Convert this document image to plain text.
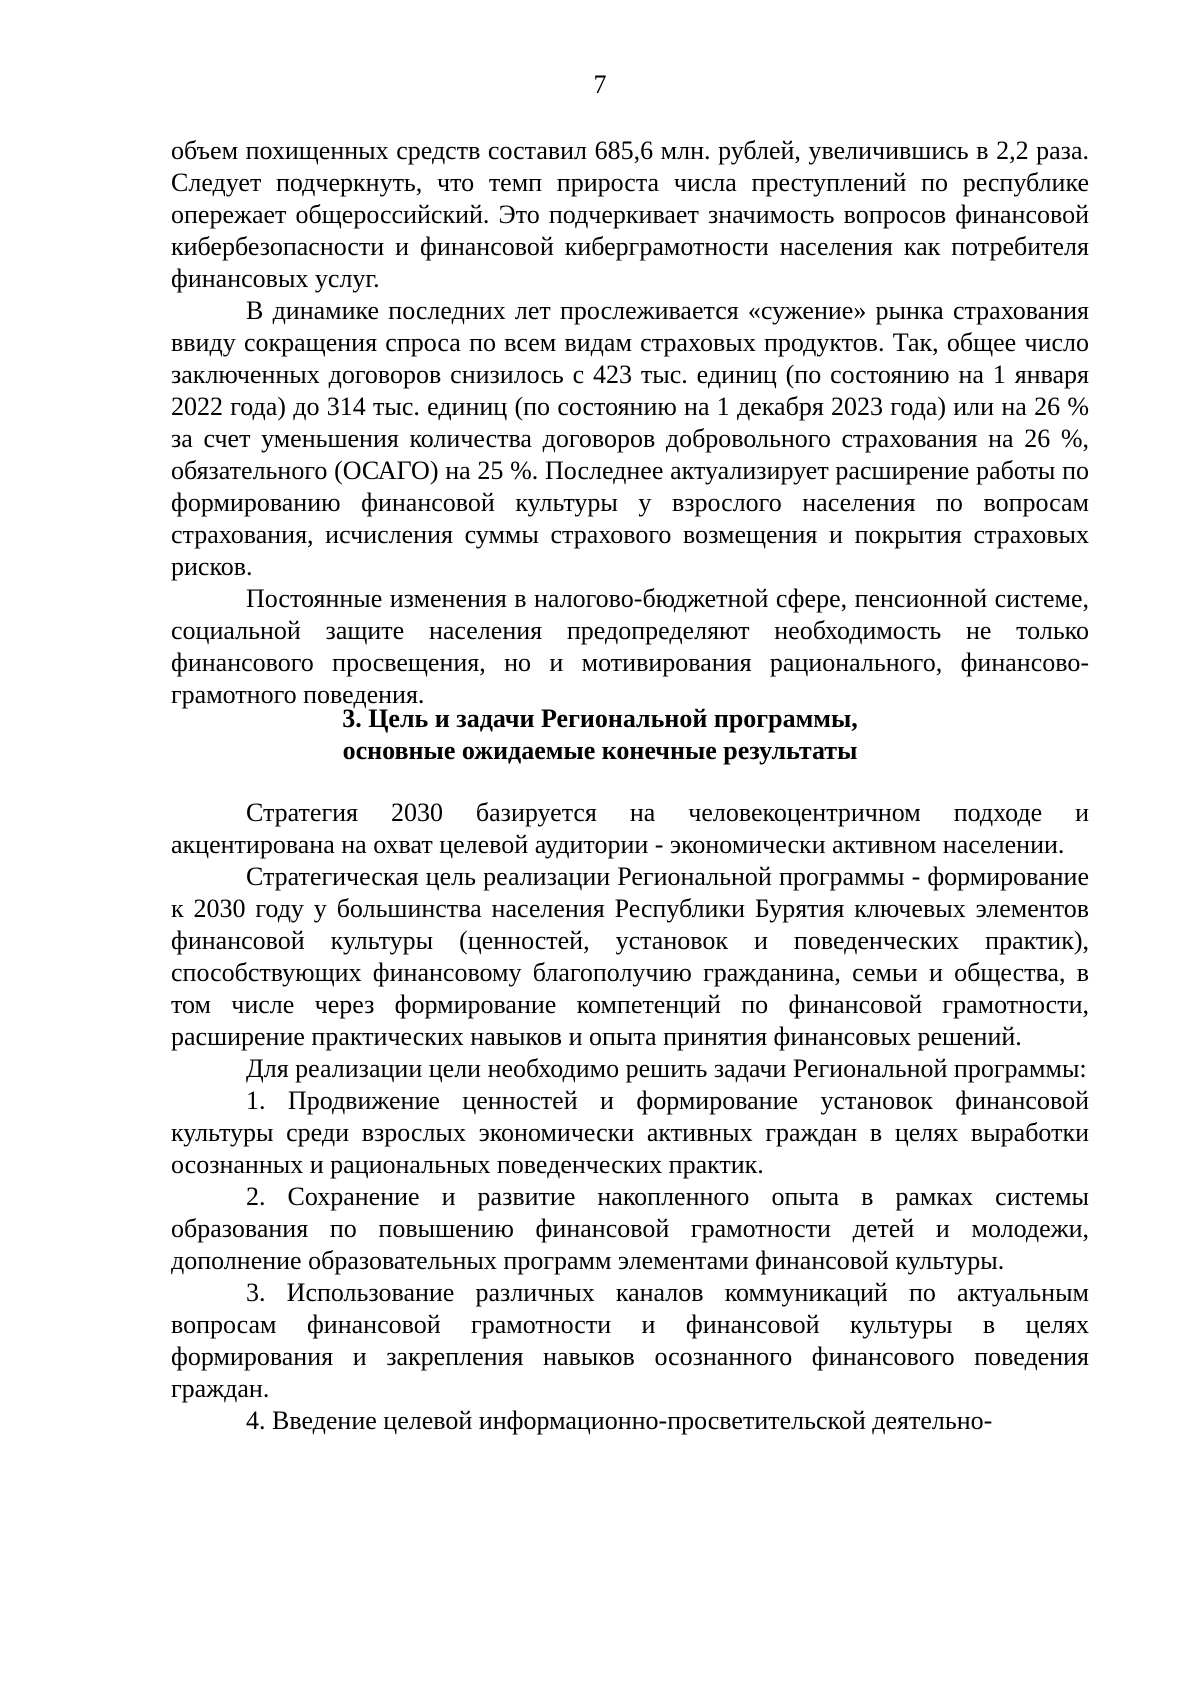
7

объем похищенных средств составил 685,6 млн. рублей, увеличившись в 2,2 раза. Следует подчеркнуть, что темп прироста числа преступлений по республике опережает общероссийский. Это подчеркивает значимость вопросов финансовой кибербезопасности и финансовой киберграмотности населения как потребителя финансовых услуг.

В динамике последних лет прослеживается «сужение» рынка страхования ввиду сокращения спроса по всем видам страховых продуктов. Так, общее число заключенных договоров снизилось с 423 тыс. единиц (по состоянию на 1 января 2022 года) до 314 тыс. единиц (по состоянию на 1 декабря 2023 года) или на 26 % за счет уменьшения количества договоров добровольного страхования на 26 %, обязательного (ОСАГО) на 25 %. Последнее актуализирует расширение работы по формированию финансовой культуры у взрослого населения по вопросам страхования, исчисления суммы страхового возмещения и покрытия страховых рисков.

Постоянные изменения в налогово-бюджетной сфере, пенсионной системе, социальной защите населения предопределяют необходимость не только финансового просвещения, но и мотивирования рационального, финансово-грамотного поведения.

3. Цель и задачи Региональной программы,
основные ожидаемые конечные результаты

Стратегия 2030 базируется на человекоцентричном подходе и акцентирована на охват целевой аудитории - экономически активном населении.

Стратегическая цель реализации Региональной программы - формирование к 2030 году у большинства населения Республики Бурятия ключевых элементов финансовой культуры (ценностей, установок и поведенческих практик), способствующих финансовому благополучию гражданина, семьи и общества, в том числе через формирование компетенций по финансовой грамотности, расширение практических навыков и опыта принятия финансовых решений.

Для реализации цели необходимо решить задачи Региональной программы:

1. Продвижение ценностей и формирование установок финансовой культуры среди взрослых экономически активных граждан в целях выработки осознанных и рациональных поведенческих практик.

2. Сохранение и развитие накопленного опыта в рамках системы образования по повышению финансовой грамотности детей и молодежи, дополнение образовательных программ элементами финансовой культуры.

3. Использование различных каналов коммуникаций по актуальным вопросам финансовой грамотности и финансовой культуры в целях формирования и закрепления навыков осознанного финансового поведения граждан.

4. Введение целевой информационно-просветительской деятельно-
